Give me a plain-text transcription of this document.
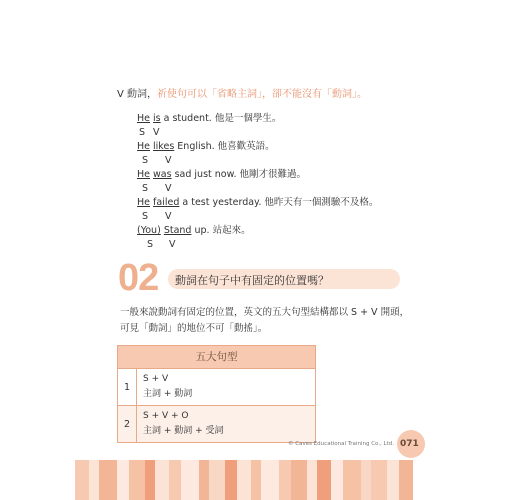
V 動詞，祈使句可以「省略主詞」，卻不能沒有「動詞」。
He is a student. 他是一個學生。
S V
He likes English. 他喜歡英語。
S V
He was sad just now. 他剛才很難過。
S V
He failed a test yesterday. 他昨天有一個測驗不及格。
S V
(You) Stand up. 站起來。
S V
02 動詞在句子中有固定的位置嗎？
一般來說動詞有固定的位置，英文的五大句型結構都以 S + V 開頭，可見「動詞」的地位不可「動搖」。
五大句型
1
S + V
主詞 + 動詞
2
S + V + O
主詞 + 動詞 + 受詞
© Caves Educational Training Co., Ltd. 071
